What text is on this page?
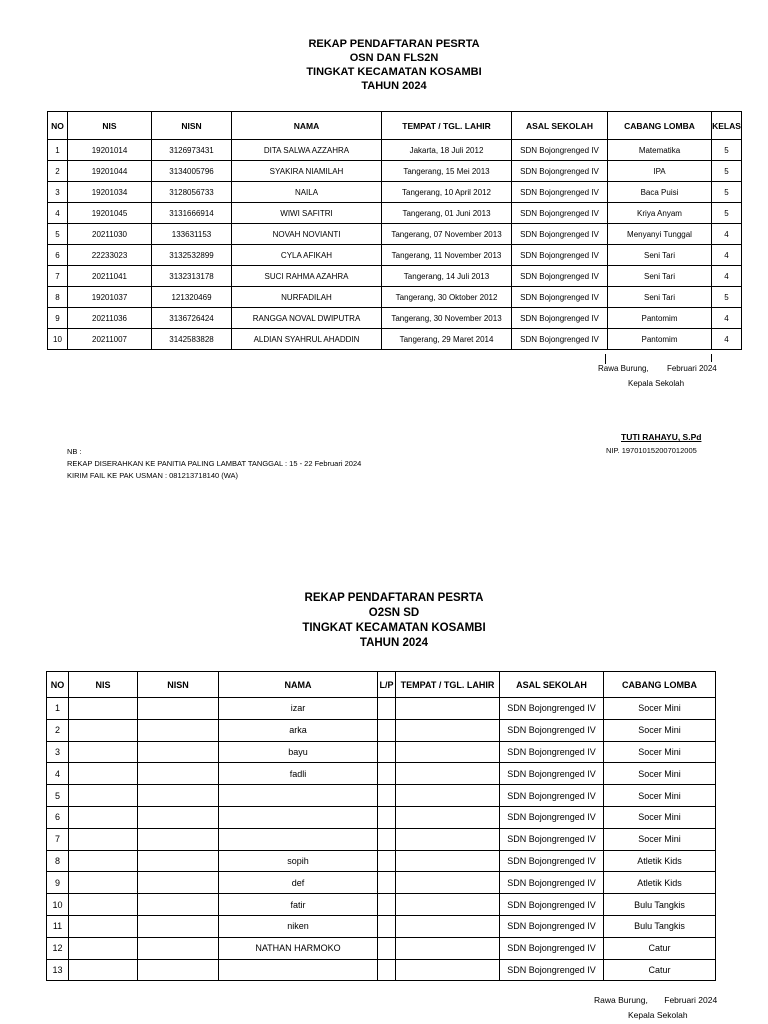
REKAP PENDAFTARAN PESRTA
OSN DAN FLS2N
TINGKAT KECAMATAN KOSAMBI
TAHUN 2024
NO	NIS	NISN	NAMA	TEMPAT / TGL. LAHIR	ASAL SEKOLAH	CABANG LOMBA	KELAS
1	19201014	3126973431	DITA SALWA AZZAHRA	Jakarta, 18 Juli 2012	SDN Bojongrenged IV	Matematika	5
2	19201044	3134005796	SYAKIRA NIAMILAH	Tangerang, 15 Mei 2013	SDN Bojongrenged IV	IPA	5
3	19201034	3128056733	NAILA	Tangerang, 10 April 2012	SDN Bojongrenged IV	Baca Puisi	5
4	19201045	3131666914	WIWI SAFITRI	Tangerang, 01 Juni 2013	SDN Bojongrenged IV	Kriya Anyam	5
5	20211030	133631153	NOVAH NOVIANTI	Tangerang, 07 November 2013	SDN Bojongrenged IV	Menyanyi Tunggal	4
6	22233023	3132532899	CYLA AFIKAH	Tangerang, 11 November 2013	SDN Bojongrenged IV	Seni Tari	4
7	20211041	3132313178	SUCI RAHMA AZAHRA	Tangerang, 14 Juli 2013	SDN Bojongrenged IV	Seni Tari	4
8	19201037	121320469	NURFADILAH	Tangerang, 30 Oktober 2012	SDN Bojongrenged IV	Seni Tari	5
9	20211036	3136726424	RANGGA NOVAL DWIPUTRA	Tangerang, 30 November 2013	SDN Bojongrenged IV	Pantomim	4
10	20211007	3142583828	ALDIAN SYAHRUL AHADDIN	Tangerang, 29 Maret 2014	SDN Bojongrenged IV	Pantomim	4
Rawa Burung, Februari 2024
Kepala Sekolah
TUTI RAHAYU, S.Pd
NIP. 197010152007012005
NB :
REKAP DISERAHKAN KE PANITIA PALING LAMBAT TANGGAL : 15 - 22 Februari 2024
KIRIM FAIL KE PAK USMAN : 081213718140 (WA)
REKAP PENDAFTARAN PESRTA
O2SN SD
TINGKAT KECAMATAN KOSAMBI
TAHUN 2024
NO	NIS	NISN	NAMA	L/P	TEMPAT / TGL. LAHIR	ASAL SEKOLAH	CABANG LOMBA
1			izar			SDN Bojongrenged IV	Socer Mini
2			arka			SDN Bojongrenged IV	Socer Mini
3			bayu			SDN Bojongrenged IV	Socer Mini
4			fadli			SDN Bojongrenged IV	Socer Mini
5						SDN Bojongrenged IV	Socer Mini
6						SDN Bojongrenged IV	Socer Mini
7						SDN Bojongrenged IV	Socer Mini
8			sopih			SDN Bojongrenged IV	Atletik Kids
9			def			SDN Bojongrenged IV	Atletik Kids
10			fatir			SDN Bojongrenged IV	Bulu Tangkis
11			niken			SDN Bojongrenged IV	Bulu Tangkis
12			NATHAN HARMOKO			SDN Bojongrenged IV	Catur
13						SDN Bojongrenged IV	Catur
Rawa Burung, Februari 2024
Kepala Sekolah
